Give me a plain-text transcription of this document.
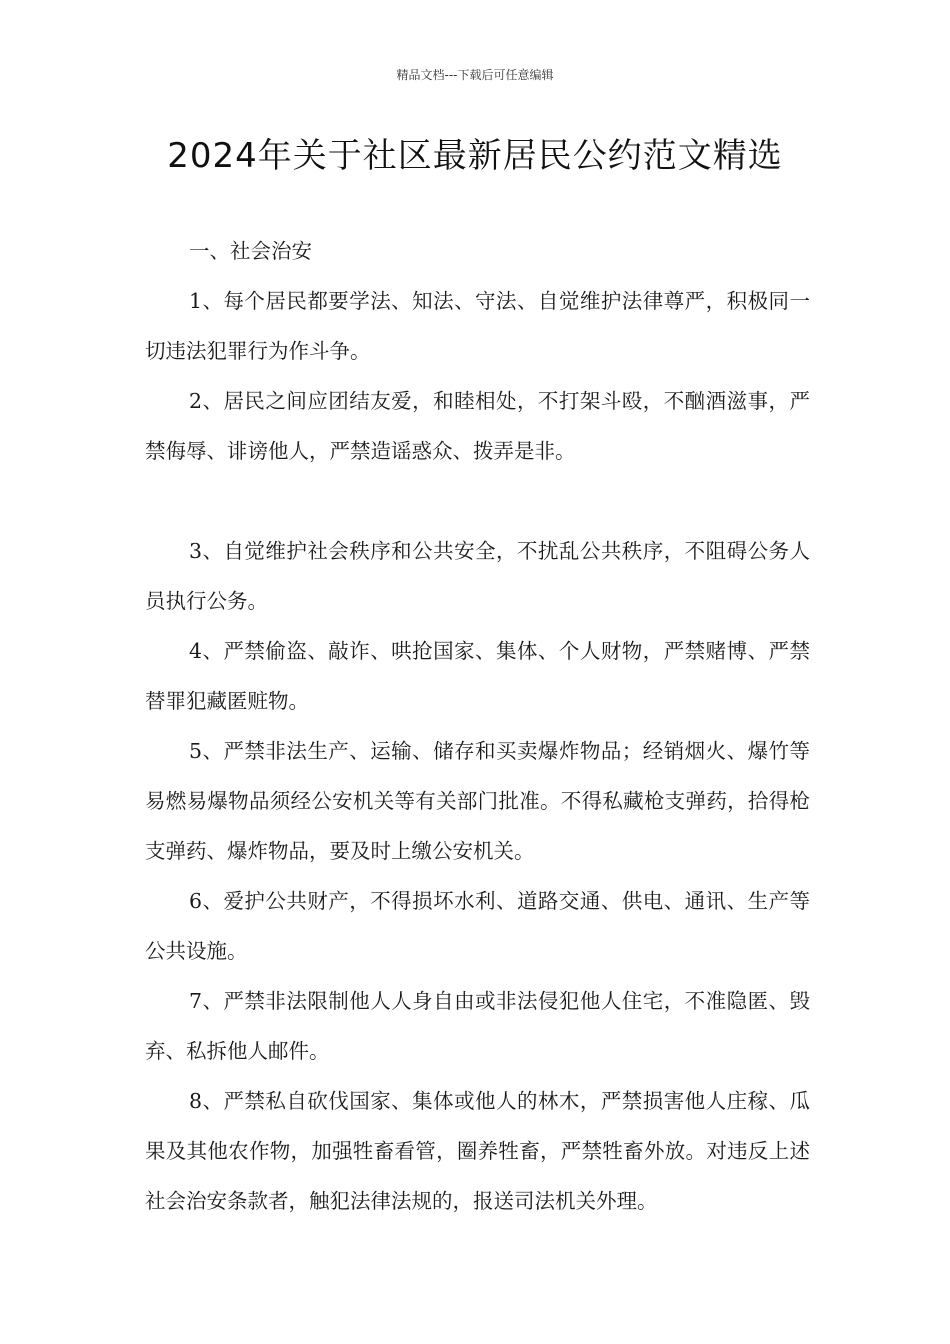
精品文档---下载后可任意编辑
2024年关于社区最新居民公约范文精选
一、社会治安

1、每个居民都要学法、知法、守法、自觉维护法律尊严，积极同一切违法犯罪行为作斗争。

2、居民之间应团结友爱，和睦相处，不打架斗殴，不酗酒滋事，严禁侮辱、诽谤他人，严禁造谣惑众、拨弄是非。

3、自觉维护社会秩序和公共安全，不扰乱公共秩序，不阻碍公务人员执行公务。

4、严禁偷盗、敲诈、哄抢国家、集体、个人财物，严禁赌博、严禁替罪犯藏匿赃物。

5、严禁非法生产、运输、储存和买卖爆炸物品；经销烟火、爆竹等易燃易爆物品须经公安机关等有关部门批准。不得私藏枪支弹药，拾得枪支弹药、爆炸物品，要及时上缴公安机关。

6、爱护公共财产，不得损坏水利、道路交通、供电、通讯、生产等公共设施。

7、严禁非法限制他人人身自由或非法侵犯他人住宅，不准隐匿、毁弃、私拆他人邮件。

8、严禁私自砍伐国家、集体或他人的林木，严禁损害他人庄稼、瓜果及其他农作物，加强牲畜看管，圈养牲畜，严禁牲畜外放。对违反上述社会治安条款者，触犯法律法规的，报送司法机关外理。
